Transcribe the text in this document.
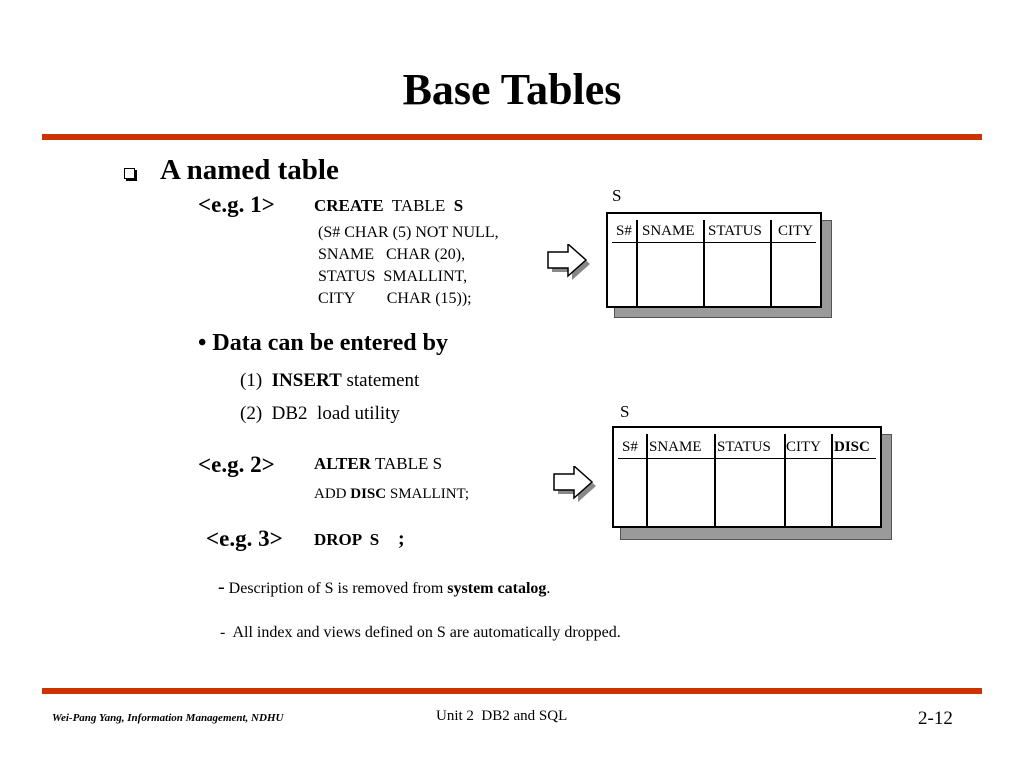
Base Tables
A named table
<e.g. 1> CREATE TABLE S
(S# CHAR (5) NOT NULL,
SNAME   CHAR (20),
STATUS  SMALLINT,
CITY        CHAR (15));
S
S# SNAME STATUS CITY
• Data can be entered by
(1) INSERT statement
(2)  DB2  load utility
<e.g. 2> ALTER TABLE S
ADD DISC SMALLINT;
S
S# SNAME STATUS CITY DISC
<e.g. 3> DROP  S ;
- Description of S is removed from system catalog.
-  All index and views defined on S are automatically dropped.
Wei-Pang Yang, Information Management, NDHU	Unit 2  DB2 and SQL	2-12
